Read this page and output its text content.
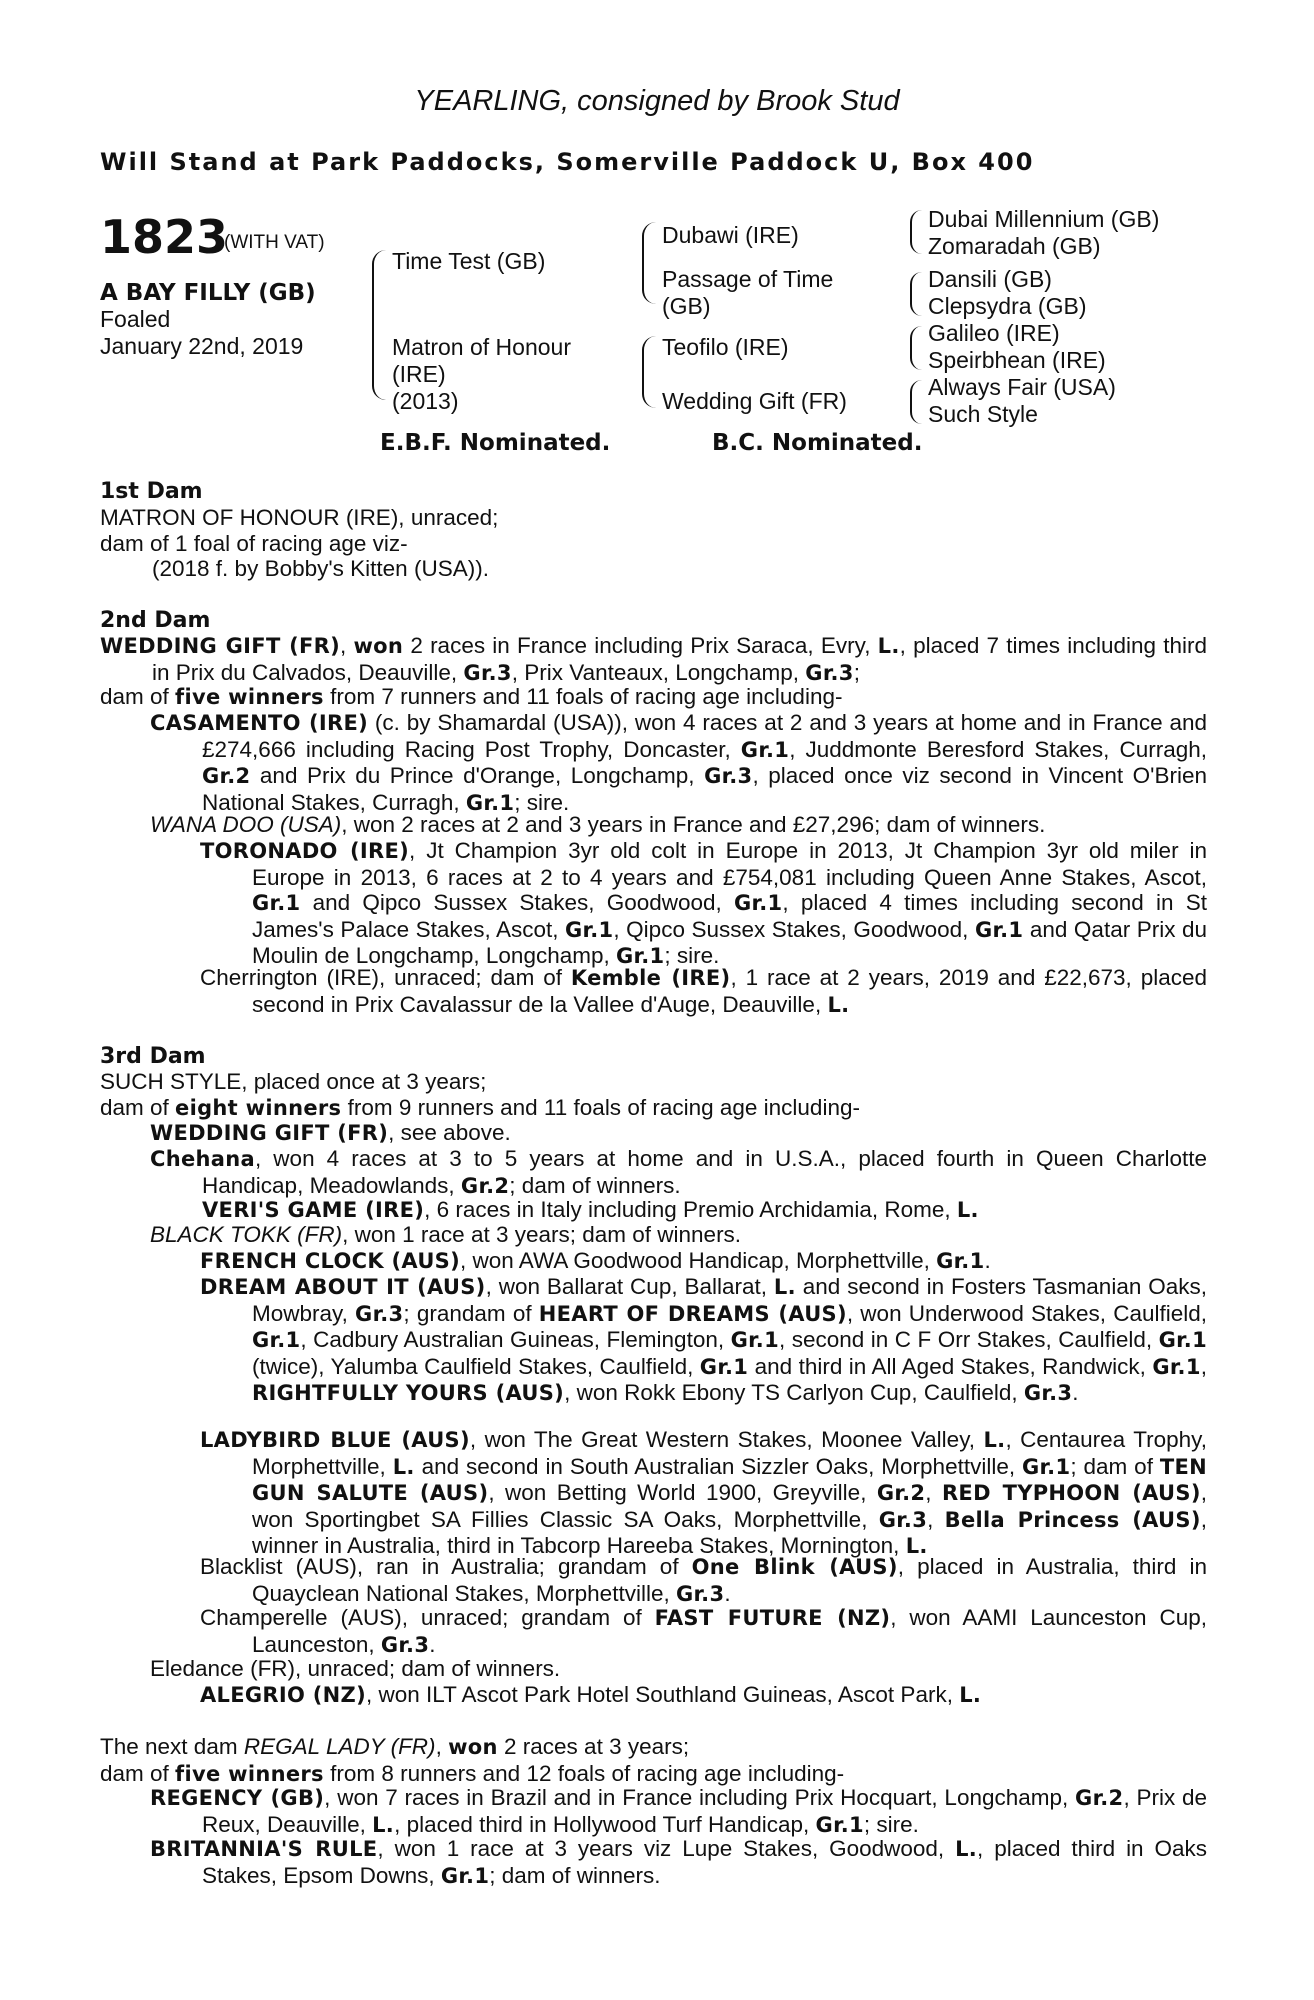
YEARLING, consigned by Brook Stud
Will Stand at Park Paddocks, Somerville Paddock U, Box 400
1823
(WITH VAT)
A BAY FILLY (GB)
Foaled
January 22nd, 2019
Time Test (GB)
Matron of Honour
(IRE)
(2013)
Dubawi (IRE)
Passage of Time
(GB)
Teofilo (IRE)
Wedding Gift (FR)
Dubai Millennium (GB)
Zomaradah (GB)
Dansili (GB)
Clepsydra (GB)
Galileo (IRE)
Speirbhean (IRE)
Always Fair (USA)
Such Style
E.B.F. Nominated.	B.C. Nominated.
1st Dam
MATRON OF HONOUR (IRE), unraced;
dam of 1 foal of racing age viz-
(2018 f. by Bobby's Kitten (USA)).
2nd Dam
WEDDING GIFT (FR), won 2 races in France including Prix Saraca, Evry, L., placed 7 times including third in Prix du Calvados, Deauville, Gr.3, Prix Vanteaux, Longchamp, Gr.3;
dam of five winners from 7 runners and 11 foals of racing age including-
CASAMENTO (IRE) (c. by Shamardal (USA)), won 4 races at 2 and 3 years at home and in France and £274,666 including Racing Post Trophy, Doncaster, Gr.1, Juddmonte Beresford Stakes, Curragh, Gr.2 and Prix du Prince d'Orange, Longchamp, Gr.3, placed once viz second in Vincent O'Brien National Stakes, Curragh, Gr.1; sire.
WANA DOO (USA), won 2 races at 2 and 3 years in France and £27,296; dam of winners.
TORONADO (IRE), Jt Champion 3yr old colt in Europe in 2013, Jt Champion 3yr old miler in Europe in 2013, 6 races at 2 to 4 years and £754,081 including Queen Anne Stakes, Ascot, Gr.1 and Qipco Sussex Stakes, Goodwood, Gr.1, placed 4 times including second in St James's Palace Stakes, Ascot, Gr.1, Qipco Sussex Stakes, Goodwood, Gr.1 and Qatar Prix du Moulin de Longchamp, Longchamp, Gr.1; sire.
Cherrington (IRE), unraced; dam of Kemble (IRE), 1 race at 2 years, 2019 and £22,673, placed second in Prix Cavalassur de la Vallee d'Auge, Deauville, L.
3rd Dam
SUCH STYLE, placed once at 3 years;
dam of eight winners from 9 runners and 11 foals of racing age including-
WEDDING GIFT (FR), see above.
Chehana, won 4 races at 3 to 5 years at home and in U.S.A., placed fourth in Queen Charlotte Handicap, Meadowlands, Gr.2; dam of winners.
VERI'S GAME (IRE), 6 races in Italy including Premio Archidamia, Rome, L.
BLACK TOKK (FR), won 1 race at 3 years; dam of winners.
FRENCH CLOCK (AUS), won AWA Goodwood Handicap, Morphettville, Gr.1.
DREAM ABOUT IT (AUS), won Ballarat Cup, Ballarat, L. and second in Fosters Tasmanian Oaks, Mowbray, Gr.3; grandam of HEART OF DREAMS (AUS), won Underwood Stakes, Caulfield, Gr.1, Cadbury Australian Guineas, Flemington, Gr.1, second in C F Orr Stakes, Caulfield, Gr.1 (twice), Yalumba Caulfield Stakes, Caulfield, Gr.1 and third in All Aged Stakes, Randwick, Gr.1, RIGHTFULLY YOURS (AUS), won Rokk Ebony TS Carlyon Cup, Caulfield, Gr.3.
LADYBIRD BLUE (AUS), won The Great Western Stakes, Moonee Valley, L., Centaurea Trophy, Morphettville, L. and second in South Australian Sizzler Oaks, Morphettville, Gr.1; dam of TEN GUN SALUTE (AUS), won Betting World 1900, Greyville, Gr.2, RED TYPHOON (AUS), won Sportingbet SA Fillies Classic SA Oaks, Morphettville, Gr.3, Bella Princess (AUS), winner in Australia, third in Tabcorp Hareeba Stakes, Mornington, L.
Blacklist (AUS), ran in Australia; grandam of One Blink (AUS), placed in Australia, third in Quayclean National Stakes, Morphettville, Gr.3.
Champerelle (AUS), unraced; grandam of FAST FUTURE (NZ), won AAMI Launceston Cup, Launceston, Gr.3.
Eledance (FR), unraced; dam of winners.
ALEGRIO (NZ), won ILT Ascot Park Hotel Southland Guineas, Ascot Park, L.
The next dam REGAL LADY (FR), won 2 races at 3 years;
dam of five winners from 8 runners and 12 foals of racing age including-
REGENCY (GB), won 7 races in Brazil and in France including Prix Hocquart, Longchamp, Gr.2, Prix de Reux, Deauville, L., placed third in Hollywood Turf Handicap, Gr.1; sire.
BRITANNIA'S RULE, won 1 race at 3 years viz Lupe Stakes, Goodwood, L., placed third in Oaks Stakes, Epsom Downs, Gr.1; dam of winners.
